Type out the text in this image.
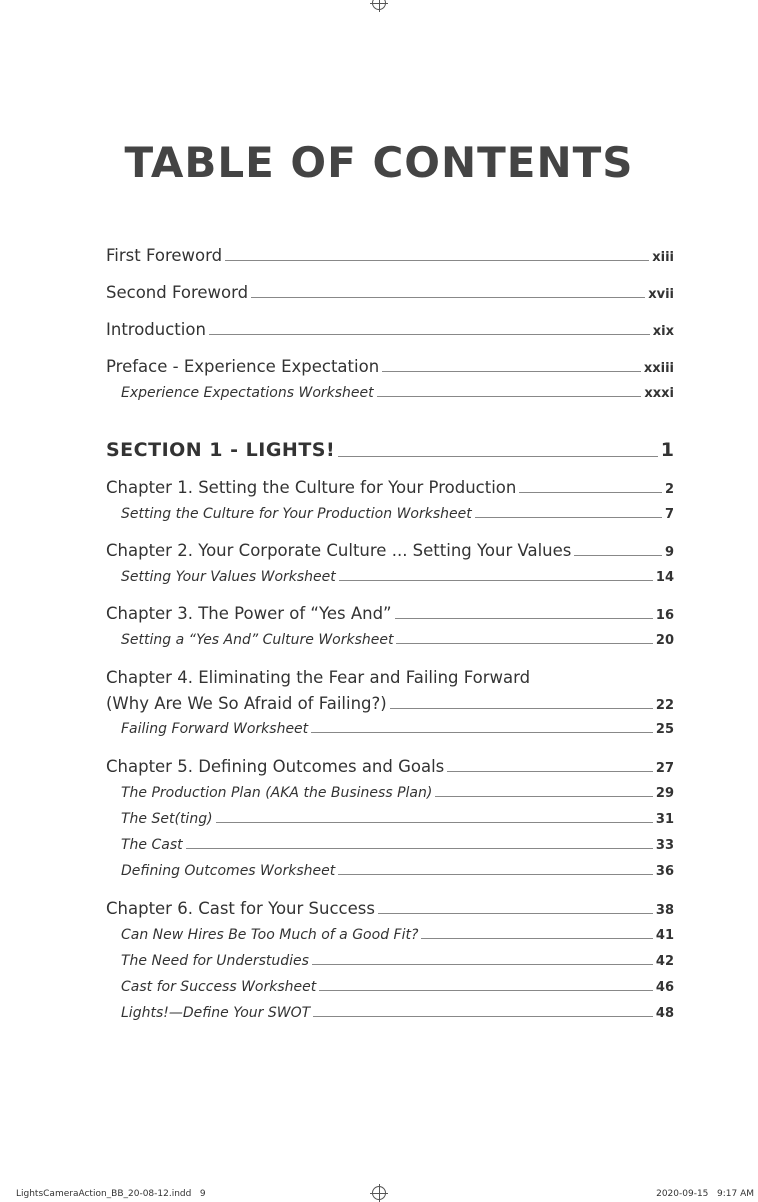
TABLE OF CONTENTS
First Foreword	xiii
Second Foreword	xvii
Introduction	xix
Preface - Experience Expectation	xxiii
Experience Expectations Worksheet	xxxi
SECTION 1 - LIGHTS!	1
Chapter 1. Setting the Culture for Your Production	2
Setting the Culture for Your Production Worksheet	7
Chapter 2. Your Corporate Culture ... Setting Your Values	9
Setting Your Values Worksheet	14
Chapter 3. The Power of “Yes And”	16
Setting a “Yes And” Culture Worksheet	20
Chapter 4. Eliminating the Fear and Failing Forward
(Why Are We So Afraid of Failing?)	22
Failing Forward Worksheet	25
Chapter 5. Defining Outcomes and Goals	27
The Production Plan (AKA the Business Plan)	29
The Set(ting)	31
The Cast	33
Defining Outcomes Worksheet	36
Chapter 6. Cast for Your Success	38
Can New Hires Be Too Much of a Good Fit?	41
The Need for Understudies	42
Cast for Success Worksheet	46
Lights!—Define Your SWOT	48
LightsCameraAction_BB_20-08-12.indd   9	2020-09-15   9:17 AM
